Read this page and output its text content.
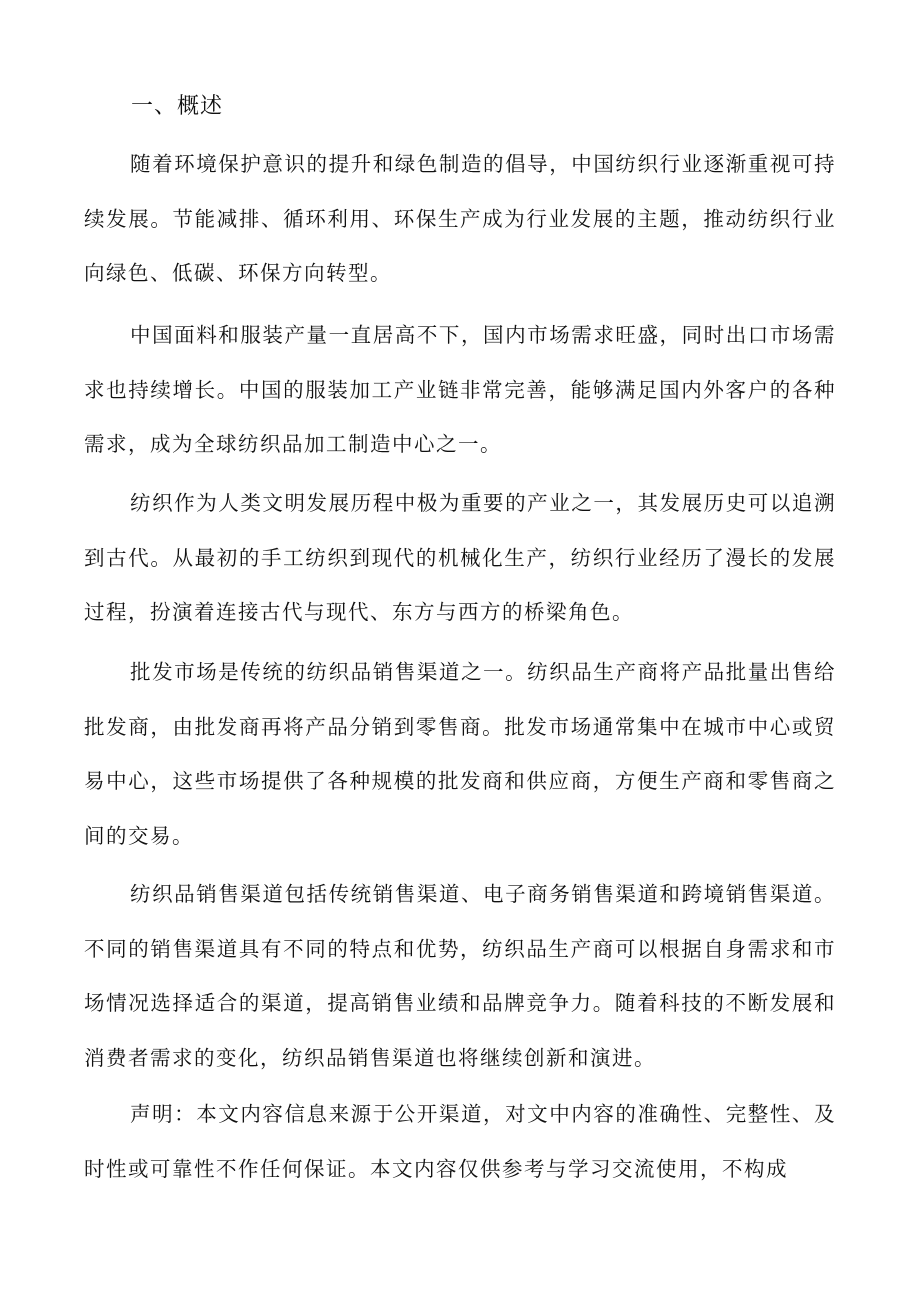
一、概述

随着环境保护意识的提升和绿色制造的倡导，中国纺织行业逐渐重视可持续发展。节能减排、循环利用、环保生产成为行业发展的主题，推动纺织行业向绿色、低碳、环保方向转型。

中国面料和服装产量一直居高不下，国内市场需求旺盛，同时出口市场需求也持续增长。中国的服装加工产业链非常完善，能够满足国内外客户的各种需求，成为全球纺织品加工制造中心之一。

纺织作为人类文明发展历程中极为重要的产业之一，其发展历史可以追溯到古代。从最初的手工纺织到现代的机械化生产，纺织行业经历了漫长的发展过程，扮演着连接古代与现代、东方与西方的桥梁角色。

批发市场是传统的纺织品销售渠道之一。纺织品生产商将产品批量出售给批发商，由批发商再将产品分销到零售商。批发市场通常集中在城市中心或贸易中心，这些市场提供了各种规模的批发商和供应商，方便生产商和零售商之间的交易。

纺织品销售渠道包括传统销售渠道、电子商务销售渠道和跨境销售渠道。不同的销售渠道具有不同的特点和优势，纺织品生产商可以根据自身需求和市场情况选择适合的渠道，提高销售业绩和品牌竞争力。随着科技的不断发展和消费者需求的变化，纺织品销售渠道也将继续创新和演进。

声明：本文内容信息来源于公开渠道，对文中内容的准确性、完整性、及时性或可靠性不作任何保证。本文内容仅供参考与学习交流使用，不构成
